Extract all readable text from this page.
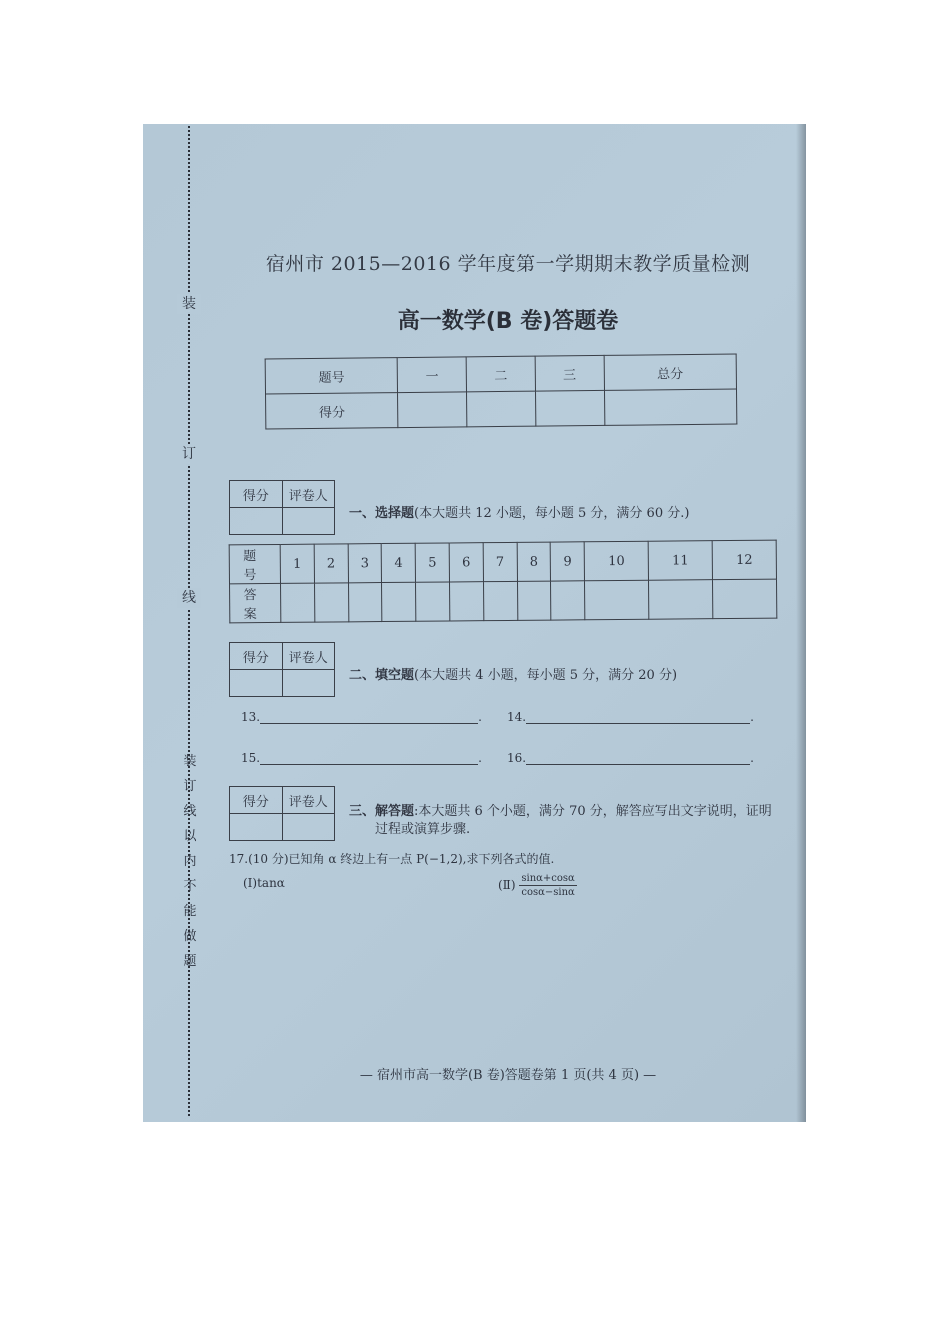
装
订
线
装
订
线
以
内
不
能
做
题
宿州市 2015—2016 学年度第一学期期末教学质量检测
高一数学(B 卷)答题卷
题号	一	二	三	总分
得分				
得分	评卷人

一、选择题(本大题共 12 小题，每小题 5 分，满分 60 分.)
题 号	1	2	3	4	5	6	7	8	9	10	11	12
答 案												
得分	评卷人

二、填空题(本大题共 4 小题，每小题 5 分，满分 20 分)
13.	. 14.	.
15.	. 16.	.
得分	评卷人

三、解答题:本大题共 6 个小题，满分 70 分，解答应写出文字说明，证明
过程或演算步骤.
17.(10 分)已知角 α 终边上有一点 P(−1,2),求下列各式的值.
(Ⅰ)tanα	(Ⅱ) $\frac{\sin\alpha+\cos\alpha}{\cos\alpha-\sin\alpha}$
— 宿州市高一数学(B 卷)答题卷第 1 页(共 4 页) —
